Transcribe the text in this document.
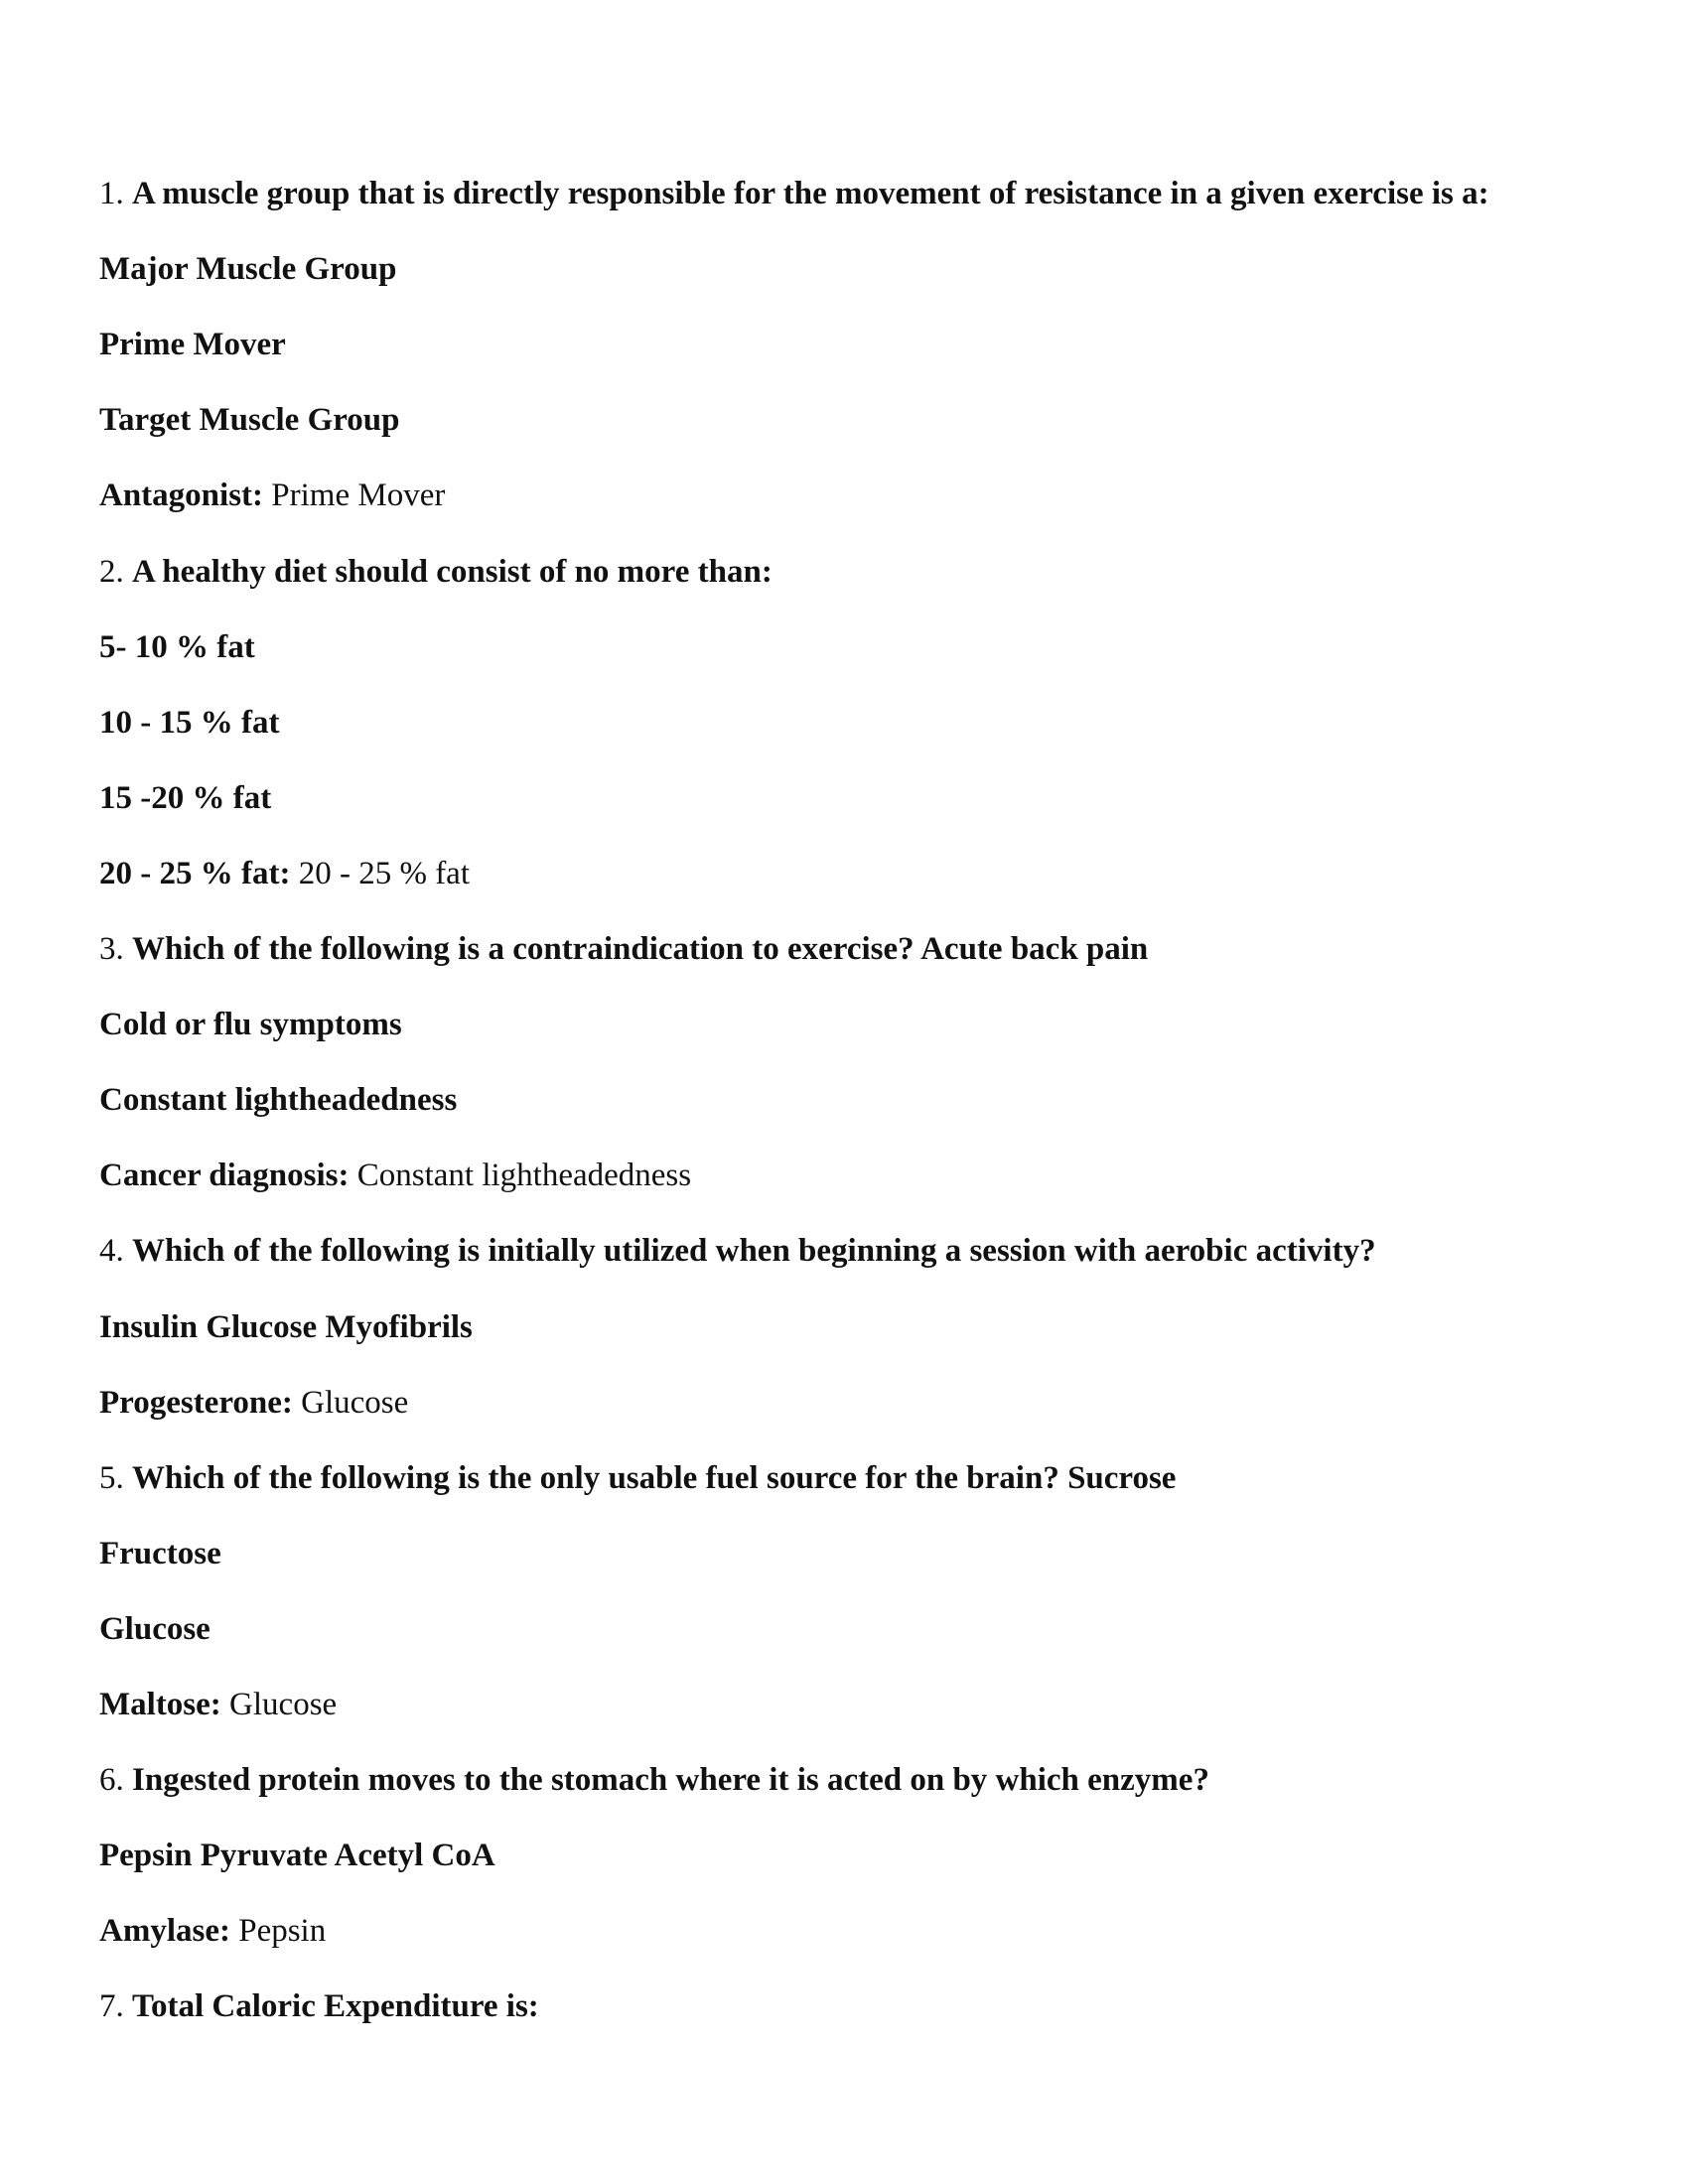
1. A muscle group that is directly responsible for the movement of resistance in a given exercise is a:
Major Muscle Group
Prime Mover
Target Muscle Group
Antagonist: Prime Mover
2. A healthy diet should consist of no more than:
5- 10 % fat
10 - 15 % fat
15 -20 % fat
20 - 25 % fat: 20 - 25 % fat
3. Which of the following is a contraindication to exercise? Acute back pain
Cold or flu symptoms
Constant lightheadedness
Cancer diagnosis: Constant lightheadedness
4. Which of the following is initially utilized when beginning a session with aerobic activity?
Insulin Glucose Myofibrils
Progesterone: Glucose
5. Which of the following is the only usable fuel source for the brain? Sucrose
Fructose
Glucose
Maltose: Glucose
6. Ingested protein moves to the stomach where it is acted on by which enzyme?
Pepsin Pyruvate Acetyl CoA
Amylase: Pepsin
7. Total Caloric Expenditure is:
